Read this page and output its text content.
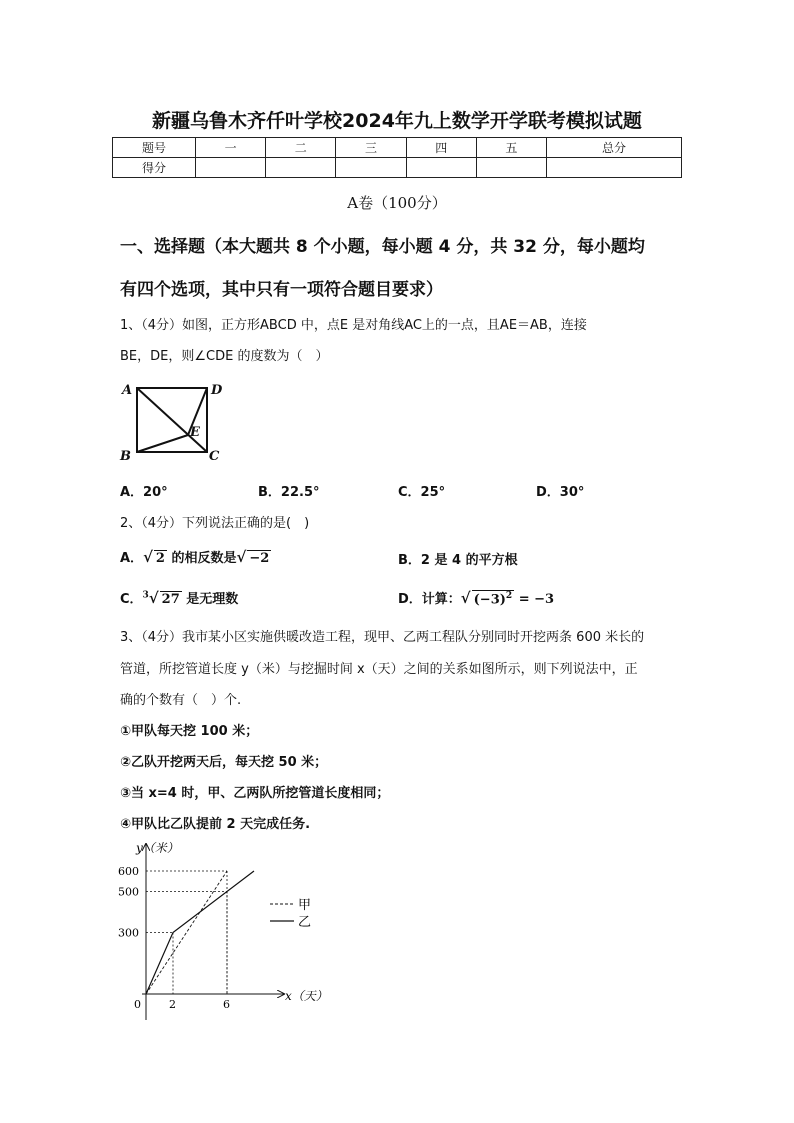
新疆乌鲁木齐仟叶学校2024年九上数学开学联考模拟试题
题号	一	二	三	四	五	总分
得分						
A卷（100分）
一、选择题（本大题共 8 个小题，每小题 4 分，共 32 分，每小题均
有四个选项，其中只有一项符合题目要求）
1、（4分）如图，正方形ABCD 中，点E 是对角线AC上的一点，且AE＝AB，连接
BE，DE，则∠CDE 的度数为（　）
A	D
B	C
E
A．20°	B．22.5°	C．25°	D．30°
2、（4分）下列说法正确的是(　)
A．√ 2 的相反数是√ −2	B．2 是 4 的平方根
C．$^3$√ 27 是无理数	D．计算：√ $(-3)^2 = -3$
3、（4分）我市某小区实施供暖改造工程，现甲、乙两工程队分别同时开挖两条 600 米长的
管道，所挖管道长度 y（米）与挖掘时间 x（天）之间的关系如图所示，则下列说法中，正
确的个数有（　）个.
①甲队每天挖 100 米；
②乙队开挖两天后，每天挖 50 米；
③当 x=4 时，甲、乙两队所挖管道长度相同；
④甲队比乙队提前 2 天完成任务.
y（米）
x（天）
0	2	6
300
500
600
甲
乙
